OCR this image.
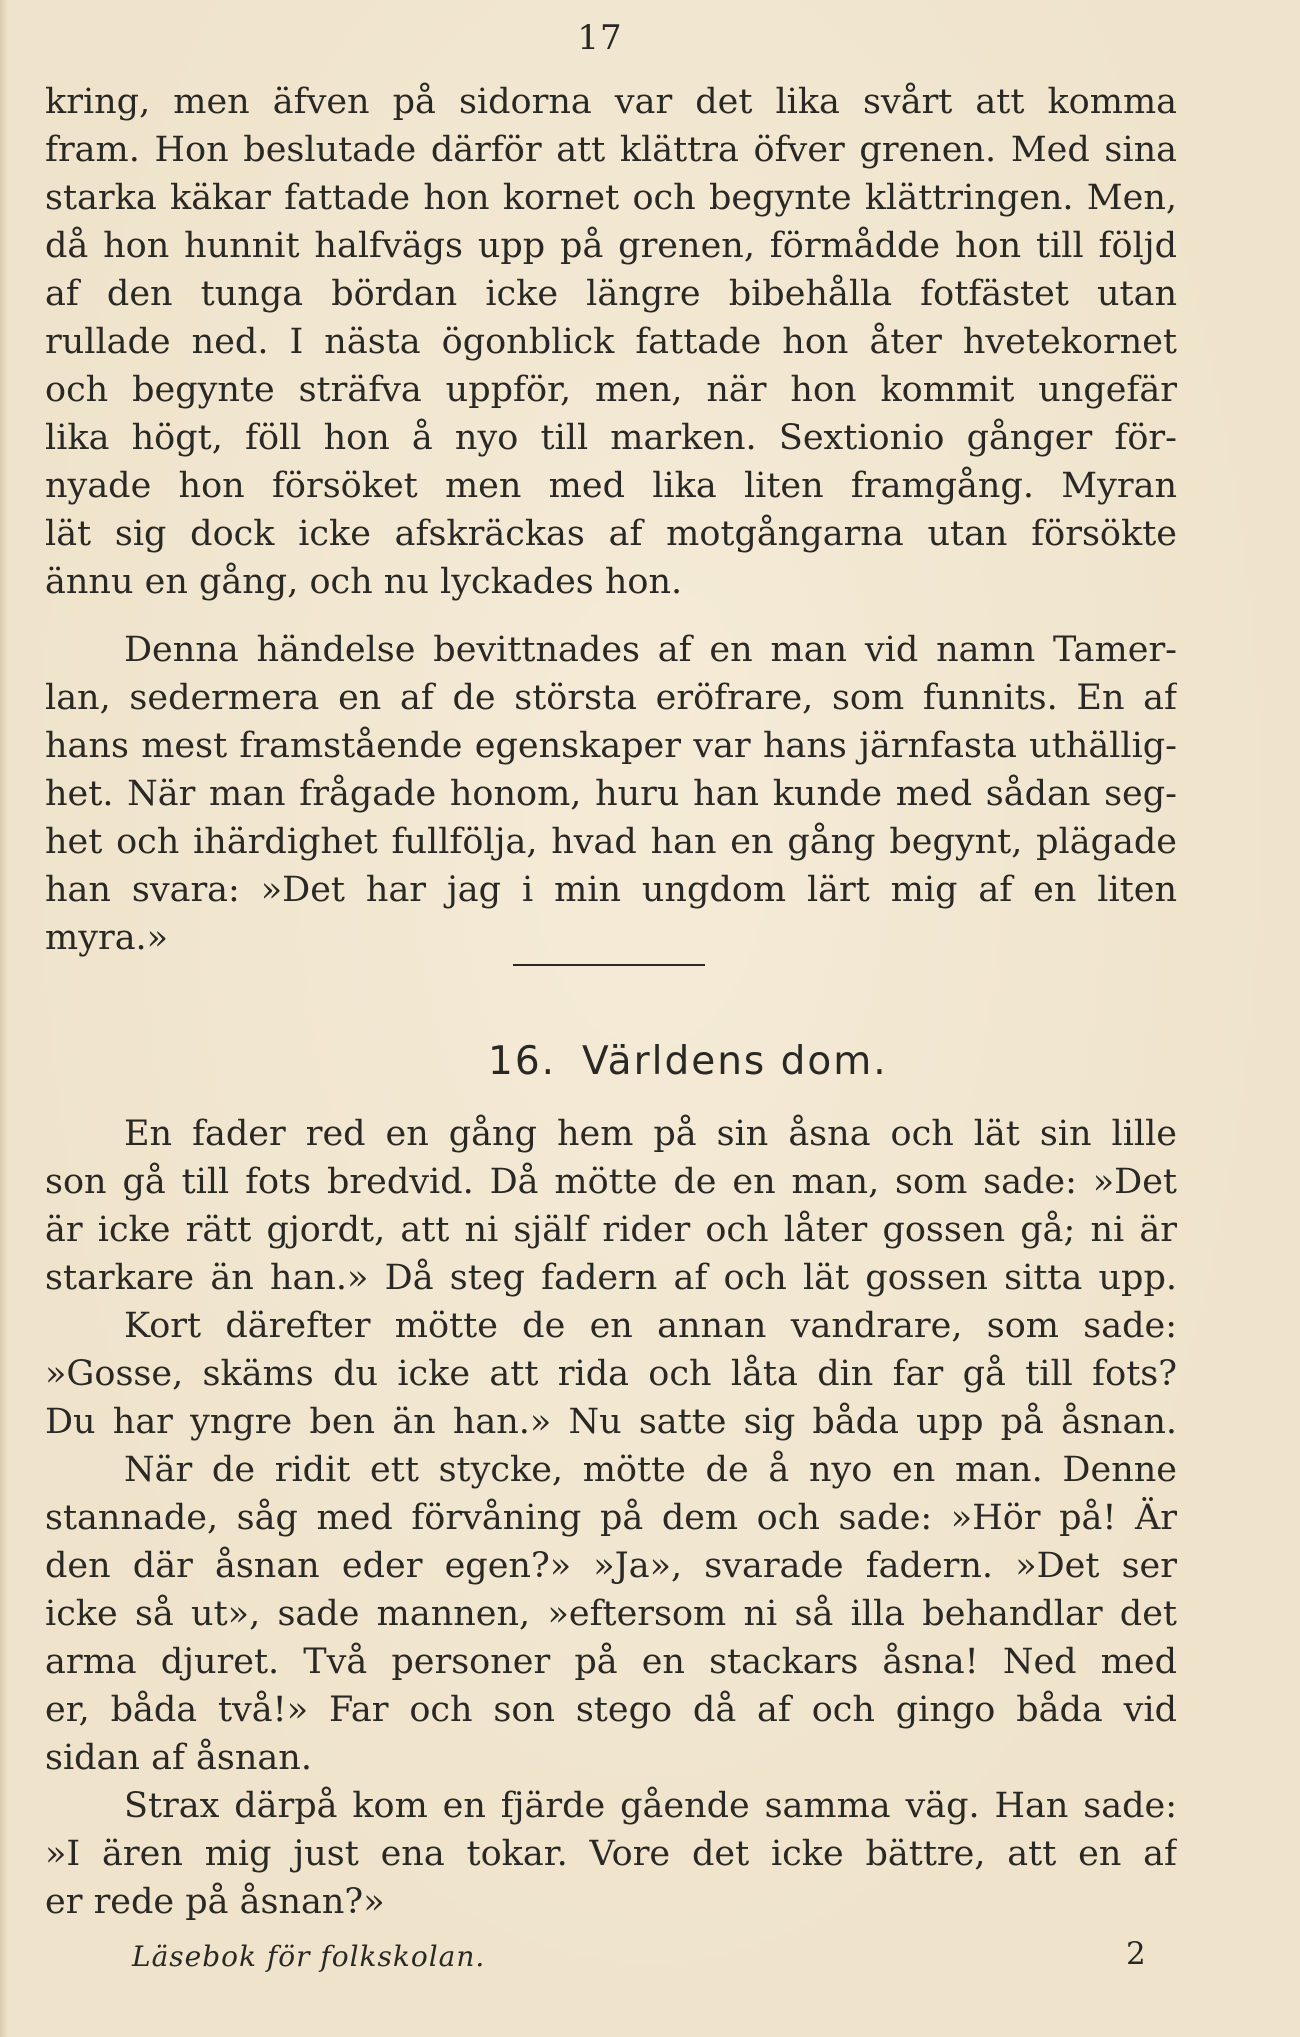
17
kring, men äfven på sidorna var det lika svårt att komma
fram. Hon beslutade därför att klättra öfver grenen. Med sina
starka käkar fattade hon kornet och begynte klättringen. Men,
då hon hunnit halfvägs upp på grenen, förmådde hon till följd
af den tunga bördan icke längre bibehålla fotfästet utan
rullade ned. I nästa ögonblick fattade hon åter hvetekornet
och begynte sträfva uppför, men, när hon kommit ungefär
lika högt, föll hon å nyo till marken. Sextionio gånger för-
nyade hon försöket men med lika liten framgång. Myran
lät sig dock icke afskräckas af motgångarna utan försökte
ännu en gång, och nu lyckades hon.
Denna händelse bevittnades af en man vid namn Tamer-
lan, sedermera en af de största eröfrare, som funnits. En af
hans mest framstående egenskaper var hans järnfasta uthällig-
het. När man frågade honom, huru han kunde med sådan seg-
het och ihärdighet fullfölja, hvad han en gång begynt, plägade
han svara: »Det har jag i min ungdom lärt mig af en liten
myra.»
16. Världens dom.
En fader red en gång hem på sin åsna och lät sin lille
son gå till fots bredvid. Då mötte de en man, som sade: »Det
är icke rätt gjordt, att ni själf rider och låter gossen gå; ni är
starkare än han.» Då steg fadern af och lät gossen sitta upp.
Kort därefter mötte de en annan vandrare, som sade:
»Gosse, skäms du icke att rida och låta din far gå till fots?
Du har yngre ben än han.» Nu satte sig båda upp på åsnan.
När de ridit ett stycke, mötte de å nyo en man. Denne
stannade, såg med förvåning på dem och sade: »Hör på! Är
den där åsnan eder egen?» »Ja», svarade fadern. »Det ser
icke så ut», sade mannen, »eftersom ni så illa behandlar det
arma djuret. Två personer på en stackars åsna! Ned med
er, båda två!» Far och son stego då af och gingo båda vid
sidan af åsnan.
Strax därpå kom en fjärde gående samma väg. Han sade:
»I ären mig just ena tokar. Vore det icke bättre, att en af
er rede på åsnan?»
Läsebok för folkskolan.	2
